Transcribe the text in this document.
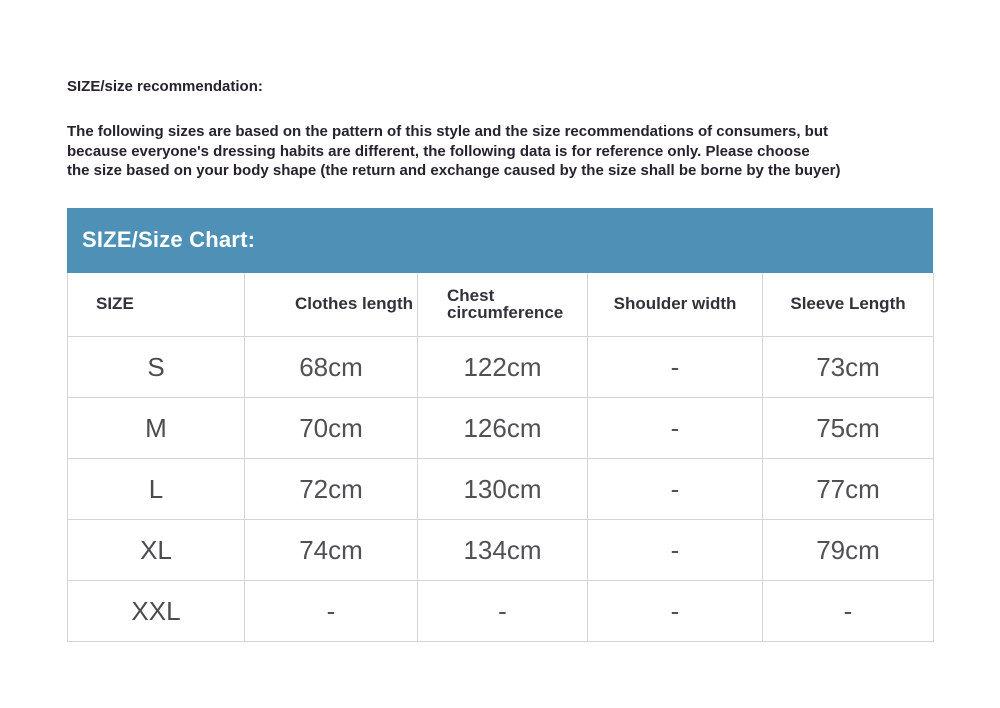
SIZE/size recommendation:
The following sizes are based on the pattern of this style and the size recommendations of consumers, but
because everyone's dressing habits are different, the following data is for reference only. Please choose
the size based on your body shape (the return and exchange caused by the size shall be borne by the buyer)
SIZE/Size Chart:
SIZE	Clothes length	Chest circumference	Shoulder width	Sleeve Length
S	68cm	122cm	-	73cm
M	70cm	126cm	-	75cm
L	72cm	130cm	-	77cm
XL	74cm	134cm	-	79cm
XXL	-	-	-	-
